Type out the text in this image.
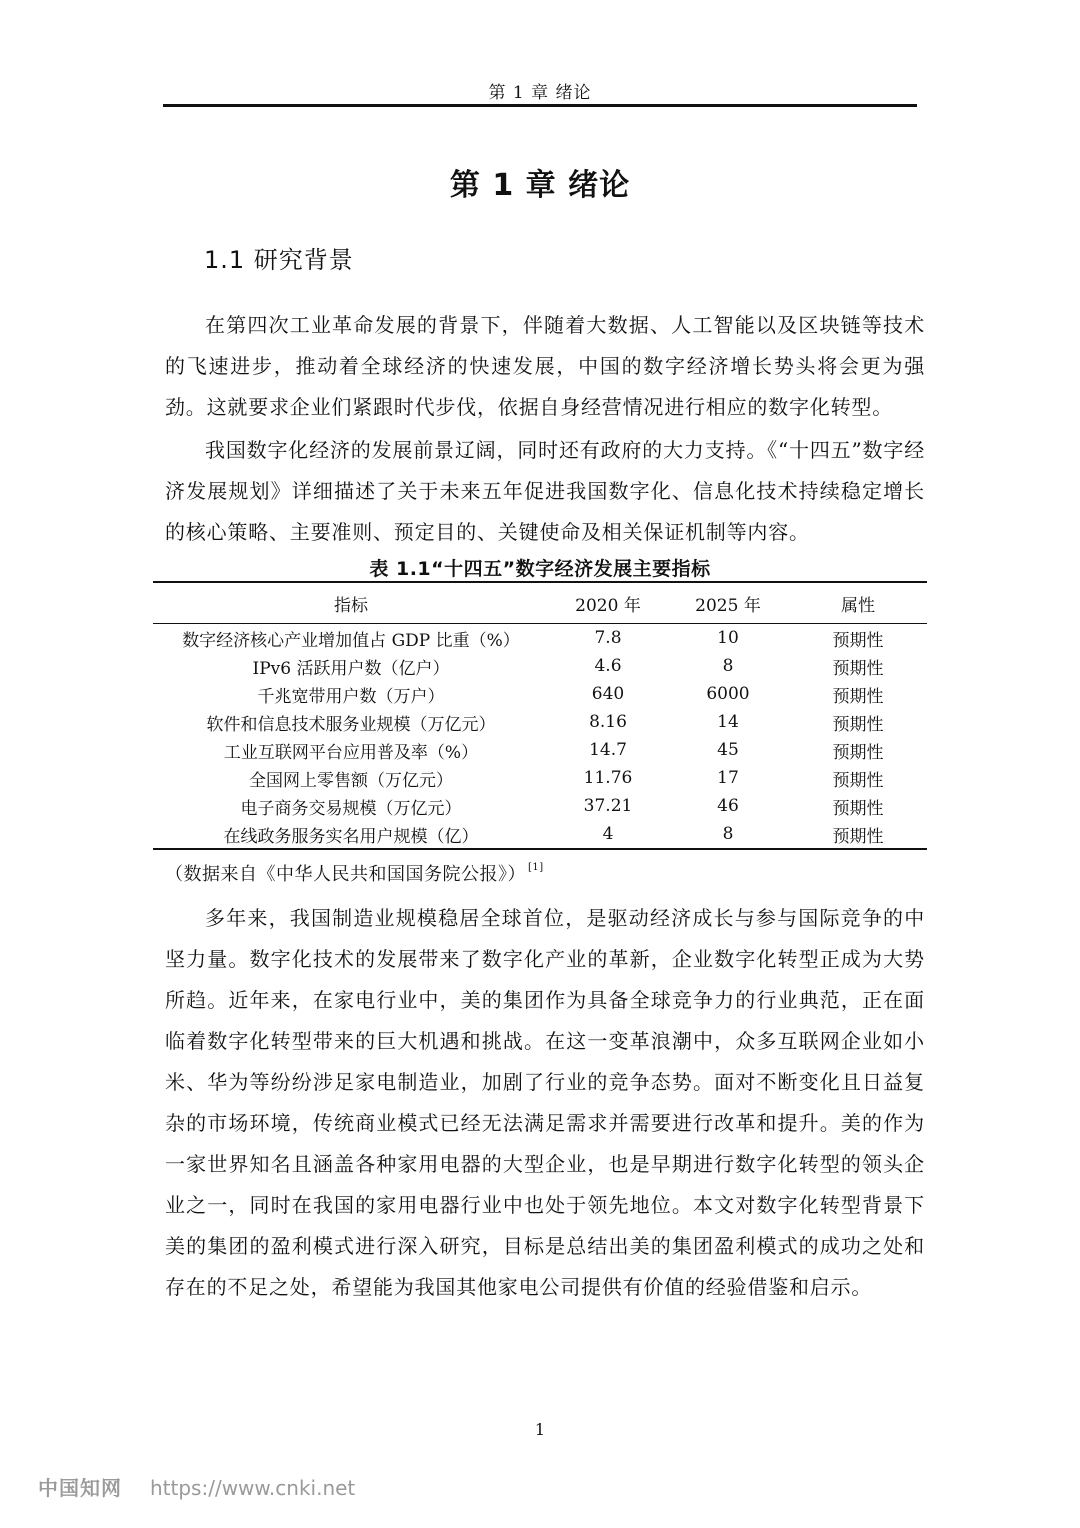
第 1 章 绪论
第 1 章 绪论
1.1 研究背景

在第四次工业革命发展的背景下，伴随着大数据、人工智能以及区块链等技术的飞速进步，推动着全球经济的快速发展，中国的数字经济增长势头将会更为强劲。这就要求企业们紧跟时代步伐，依据自身经营情况进行相应的数字化转型。

我国数字化经济的发展前景辽阔，同时还有政府的大力支持。《“十四五”数字经济发展规划》详细描述了关于未来五年促进我国数字化、信息化技术持续稳定增长的核心策略、主要准则、预定目的、关键使命及相关保证机制等内容。

表 1.1“十四五”数字经济发展主要指标
指标	2020 年	2025 年	属性
数字经济核心产业增加值占 GDP 比重（%）	7.8	10	预期性
IPv6 活跃用户数（亿户）	4.6	8	预期性
千兆宽带用户数（万户）	640	6000	预期性
软件和信息技术服务业规模（万亿元）	8.16	14	预期性
工业互联网平台应用普及率（%）	14.7	45	预期性
全国网上零售额（万亿元）	11.76	17	预期性
电子商务交易规模（万亿元）	37.21	46	预期性
在线政务服务实名用户规模（亿）	4	8	预期性
（数据来自《中华人民共和国国务院公报》） [1]

多年来，我国制造业规模稳居全球首位，是驱动经济成长与参与国际竞争的中坚力量。数字化技术的发展带来了数字化产业的革新，企业数字化转型正成为大势所趋。近年来，在家电行业中，美的集团作为具备全球竞争力的行业典范，正在面临着数字化转型带来的巨大机遇和挑战。在这一变革浪潮中，众多互联网企业如小米、华为等纷纷涉足家电制造业，加剧了行业的竞争态势。面对不断变化且日益复杂的市场环境，传统商业模式已经无法满足需求并需要进行改革和提升。美的作为一家世界知名且涵盖各种家用电器的大型企业，也是早期进行数字化转型的领头企业之一，同时在我国的家用电器行业中也处于领先地位。本文对数字化转型背景下美的集团的盈利模式进行深入研究，目标是总结出美的集团盈利模式的成功之处和存在的不足之处，希望能为我国其他家电公司提供有价值的经验借鉴和启示。

1
中国知网 https://www.cnki.net
